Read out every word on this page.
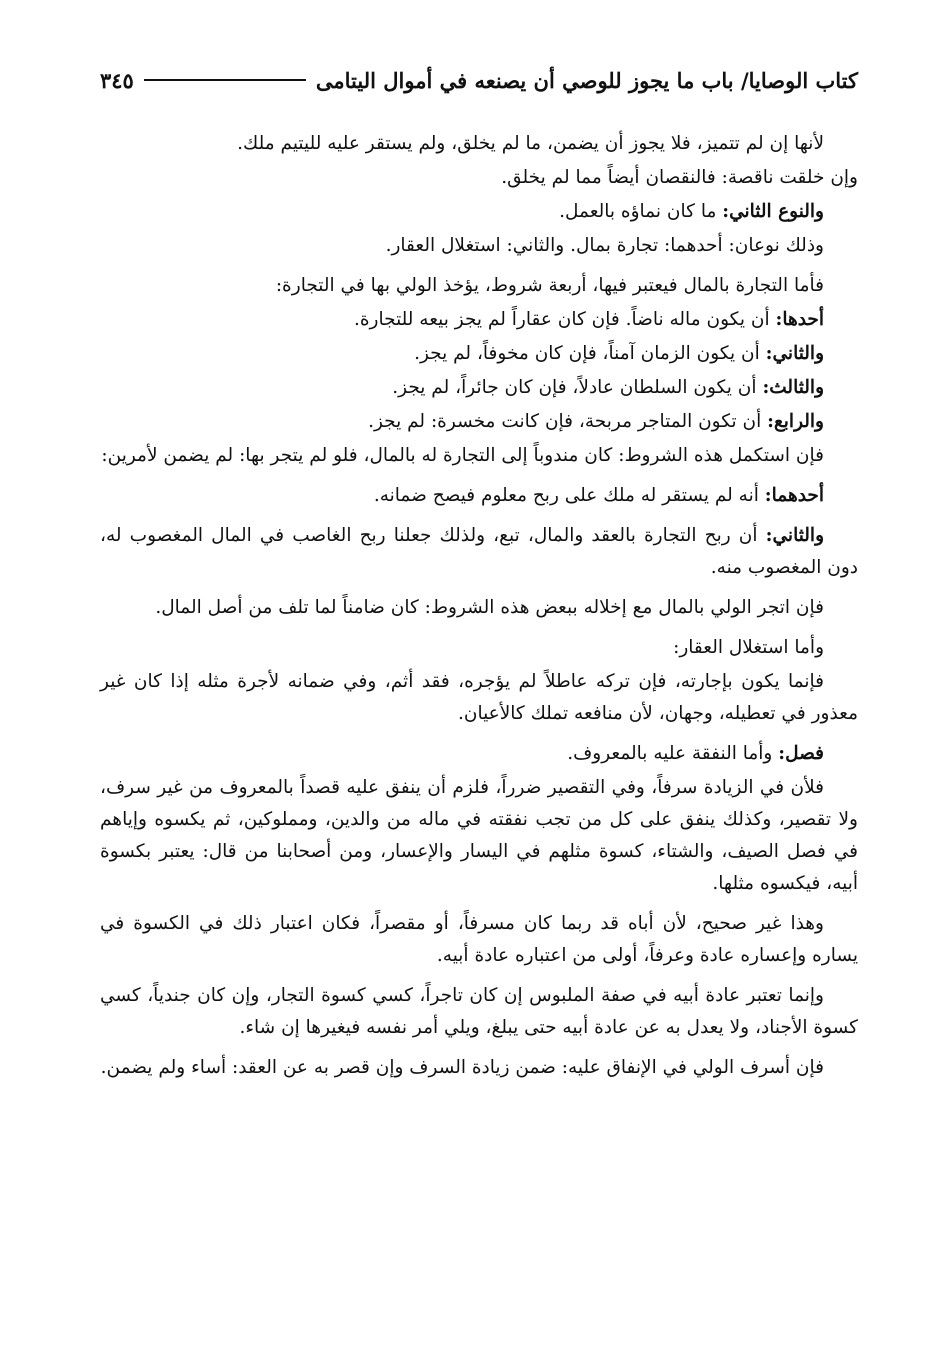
كتاب الوصايا/ باب ما يجوز للوصي أن يصنعه في أموال اليتامى
٣٤٥

لأنها إن لم تتميز، فلا يجوز أن يضمن، ما لم يخلق، ولم يستقر عليه لليتيم ملك.

وإن خلقت ناقصة: فالنقصان أيضاً مما لم يخلق.

والنوع الثاني: ما كان نماؤه بالعمل.

وذلك نوعان: أحدهما: تجارة بمال. والثاني: استغلال العقار.

فأما التجارة بالمال فيعتبر فيها، أربعة شروط، يؤخذ الولي بها في التجارة:

أحدها: أن يكون ماله ناضاً. فإن كان عقاراً لم يجز بيعه للتجارة.

والثاني: أن يكون الزمان آمناً، فإن كان مخوفاً، لم يجز.

والثالث: أن يكون السلطان عادلاً، فإن كان جائراً، لم يجز.

والرابع: أن تكون المتاجر مربحة، فإن كانت مخسرة: لم يجز.

فإن استكمل هذه الشروط: كان مندوباً إلى التجارة له بالمال، فلو لم يتجر بها: لم يضمن لأمرين:

أحدهما: أنه لم يستقر له ملك على ربح معلوم فيصح ضمانه.

والثاني: أن ربح التجارة بالعقد والمال، تبع، ولذلك جعلنا ربح الغاصب في المال المغصوب له، دون المغصوب منه.

فإن اتجر الولي بالمال مع إخلاله ببعض هذه الشروط: كان ضامناً لما تلف من أصل المال.

وأما استغلال العقار:

فإنما يكون بإجارته، فإن تركه عاطلاً لم يؤجره، فقد أثم، وفي ضمانه لأجرة مثله إذا كان غير معذور في تعطيله، وجهان، لأن منافعه تملك كالأعيان.

فصل: وأما النفقة عليه بالمعروف.

فلأن في الزيادة سرفاً، وفي التقصير ضرراً، فلزم أن ينفق عليه قصداً بالمعروف من غير سرف، ولا تقصير، وكذلك ينفق على كل من تجب نفقته في ماله من والدين، ومملوكين، ثم يكسوه وإياهم في فصل الصيف، والشتاء، كسوة مثلهم في اليسار والإعسار، ومن أصحابنا من قال: يعتبر بكسوة أبيه، فيكسوه مثلها.

وهذا غير صحيح، لأن أباه قد ربما كان مسرفاً، أو مقصراً، فكان اعتبار ذلك في الكسوة في يساره وإعساره عادة وعرفاً، أولى من اعتباره عادة أبيه.

وإنما تعتبر عادة أبيه في صفة الملبوس إن كان تاجراً، كسي كسوة التجار، وإن كان جندياً، كسي كسوة الأجناد، ولا يعدل به عن عادة أبيه حتى يبلغ، ويلي أمر نفسه فيغيرها إن شاء.

فإن أسرف الولي في الإنفاق عليه: ضمن زيادة السرف وإن قصر به عن العقد: أساء ولم يضمن.
